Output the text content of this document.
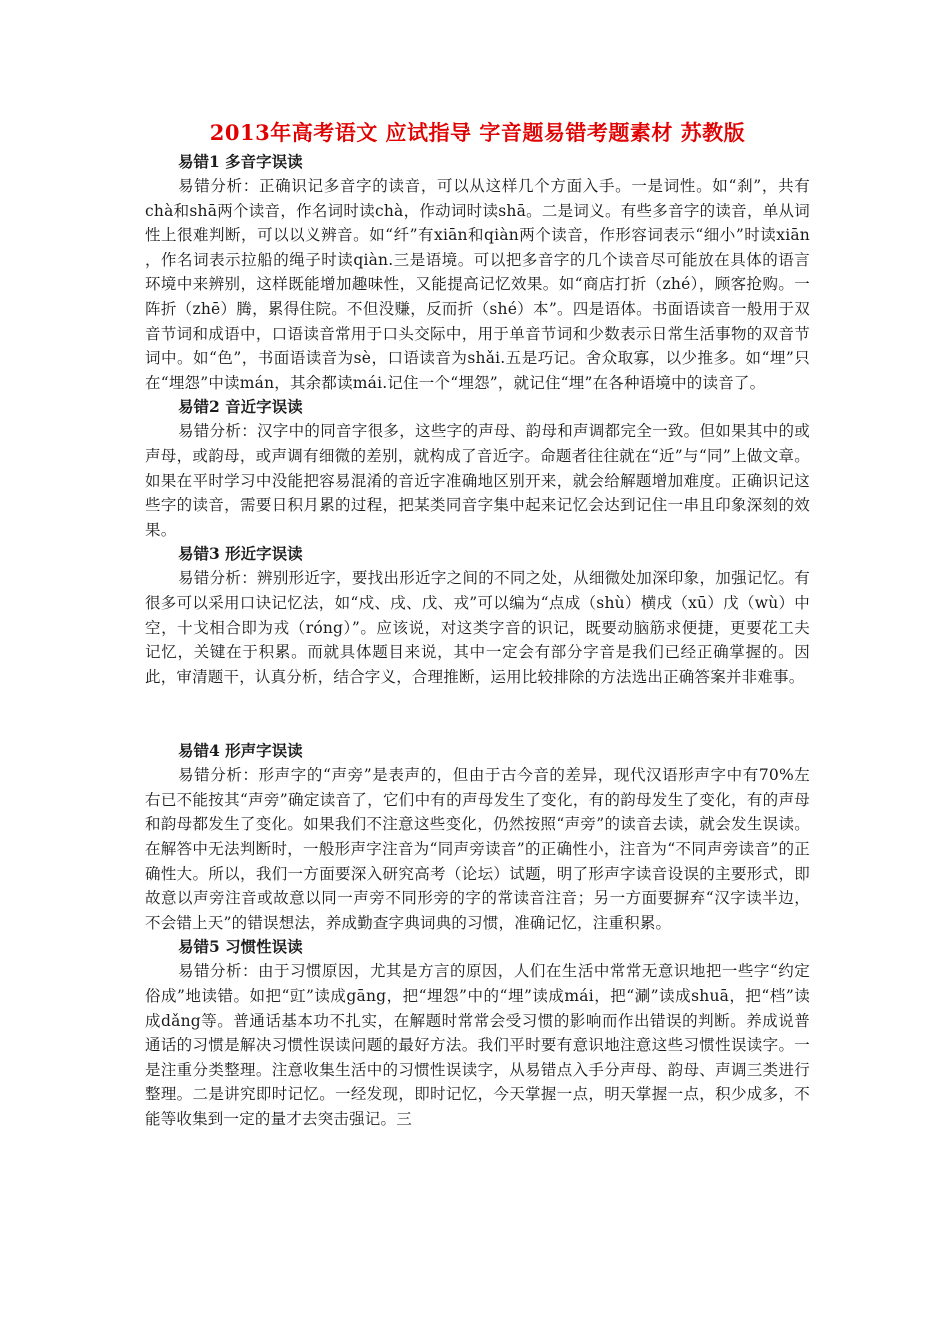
2013年高考语文 应试指导 字音题易错考题素材 苏教版

易错1 多音字误读

易错分析：正确识记多音字的读音，可以从这样几个方面入手。一是词性。如“刹”，共有chà和shā两个读音，作名词时读chà，作动词时读shā。二是词义。有些多音字的读音，单从词性上很难判断，可以以义辨音。如“纤”有xiān和qiàn两个读音，作形容词表示“细小”时读xiān ，作名词表示拉船的绳子时读qiàn.三是语境。可以把多音字的几个读音尽可能放在具体的语言环境中来辨别，这样既能增加趣味性，又能提高记忆效果。如“商店打折（zhé），顾客抢购。一阵折（zhē）腾，累得住院。不但没赚，反而折（shé）本”。四是语体。书面语读音一般用于双音节词和成语中，口语读音常用于口头交际中，用于单音节词和少数表示日常生活事物的双音节词中。如“色”，书面语读音为sè，口语读音为shǎi.五是巧记。舍众取寡，以少推多。如“埋”只在“埋怨”中读mán，其余都读mái.记住一个“埋怨”，就记住“埋”在各种语境中的读音了。

易错2 音近字误读

易错分析：汉字中的同音字很多，这些字的声母、韵母和声调都完全一致。但如果其中的或声母，或韵母，或声调有细微的差别，就构成了音近字。命题者往往就在“近”与“同”上做文章。如果在平时学习中没能把容易混淆的音近字准确地区别开来，就会给解题增加难度。正确识记这些字的读音，需要日积月累的过程，把某类同音字集中起来记忆会达到记住一串且印象深刻的效果。

易错3 形近字误读

易错分析：辨别形近字，要找出形近字之间的不同之处，从细微处加深印象，加强记忆。有很多可以采用口诀记忆法，如“戍、戌、戊、戎”可以编为“点成（shù）横戌（xū）戊（wù）中空，十戈相合即为戎（róng）”。应该说，对这类字音的识记，既要动脑筋求便捷，更要花工夫记忆，关键在于积累。而就具体题目来说，其中一定会有部分字音是我们已经正确掌握的。因此，审清题干，认真分析，结合字义，合理推断，运用比较排除的方法选出正确答案并非难事。

易错4 形声字误读

易错分析：形声字的“声旁”是表声的，但由于古今音的差异，现代汉语形声字中有70%左右已不能按其“声旁”确定读音了，它们中有的声母发生了变化，有的韵母发生了变化，有的声母和韵母都发生了变化。如果我们不注意这些变化，仍然按照“声旁”的读音去读，就会发生误读。在解答中无法判断时，一般形声字注音为“同声旁读音”的正确性小，注音为“不同声旁读音”的正确性大。所以，我们一方面要深入研究高考（论坛）试题，明了形声字读音设误的主要形式，即故意以声旁注音或故意以同一声旁不同形旁的字的常读音注音；另一方面要摒弃“汉字读半边，不会错上天”的错误想法，养成勤查字典词典的习惯，准确记忆，注重积累。

易错5 习惯性误读

易错分析：由于习惯原因，尤其是方言的原因，人们在生活中常常无意识地把一些字“约定俗成”地读错。如把“豇”读成gāng，把“埋怨”中的“埋”读成mái，把“涮”读成shuā，把“档”读成dǎng等。普通话基本功不扎实，在解题时常常会受习惯的影响而作出错误的判断。养成说普通话的习惯是解决习惯性误读问题的最好方法。我们平时要有意识地注意这些习惯性误读字。一是注重分类整理。注意收集生活中的习惯性误读字，从易错点入手分声母、韵母、声调三类进行整理。二是讲究即时记忆。一经发现，即时记忆，今天掌握一点，明天掌握一点，积少成多，不能等收集到一定的量才去突击强记。三
